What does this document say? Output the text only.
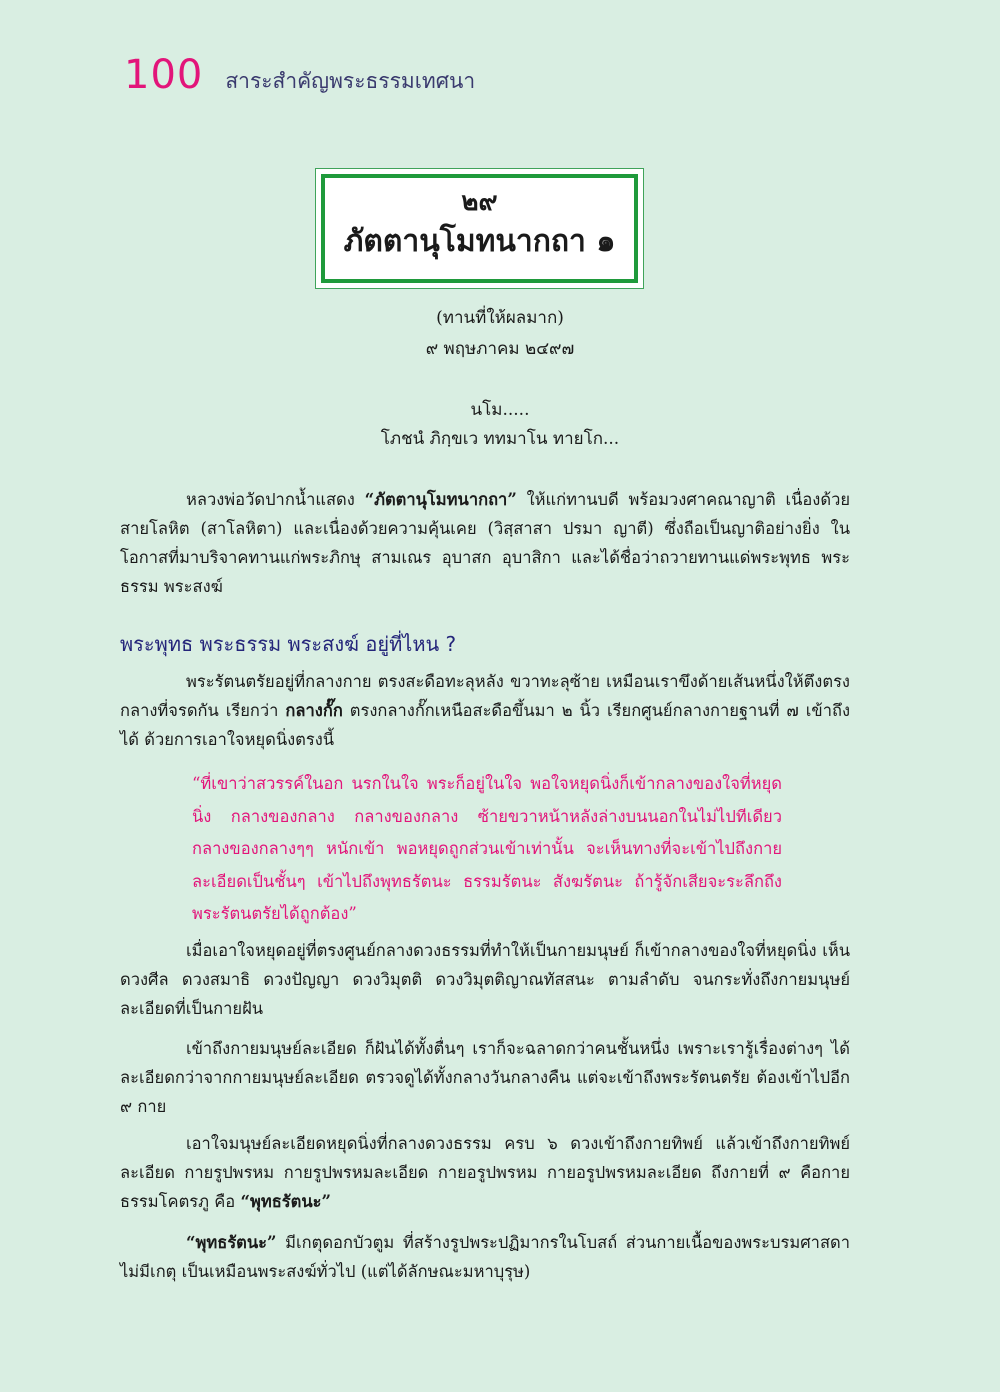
100 สาระสำคัญพระธรรมเทศนา
๒๙
ภัตตานุโมทนากถา ๑
(ทานที่ให้ผลมาก)
๙ พฤษภาคม ๒๔๙๗
นโม.....
โภชนํ ภิกฺขเว ททมาโน ทายโก...
หลวงพ่อวัดปากน้ำแสดง “ภัตตานุโมทนากถา” ให้แก่ทานบดี พร้อมวงศาคณาญาติ เนื่องด้วยสายโลหิต (สาโลหิตา) และเนื่องด้วยความคุ้นเคย (วิสฺสาสา ปรมา ญาตี) ซึ่งถือเป็นญาติอย่างยิ่ง ในโอกาสที่มาบริจาคทานแก่พระภิกษุ สามเณร อุบาสก อุบาสิกา และได้ชื่อว่าถวายทานแด่พระพุทธ พระธรรม พระสงฆ์
พระพุทธ พระธรรม พระสงฆ์ อยู่ที่ไหน ?
พระรัตนตรัยอยู่ที่กลางกาย ตรงสะดือทะลุหลัง ขวาทะลุซ้าย เหมือนเราขึงด้ายเส้นหนึ่งให้ตึงตรงกลางที่จรดกัน เรียกว่า กลางกั๊ก ตรงกลางกั๊กเหนือสะดือขึ้นมา ๒ นิ้ว เรียกศูนย์กลางกายฐานที่ ๗ เข้าถึงได้ ด้วยการเอาใจหยุดนิ่งตรงนี้
“ที่เขาว่าสวรรค์ในอก นรกในใจ พระก็อยู่ในใจ พอใจหยุดนิ่งก็เข้ากลางของใจที่หยุดนิ่ง กลางของกลาง กลางของกลาง ซ้ายขวาหน้าหลังล่างบนนอกในไม่ไปทีเดียว กลางของกลางๆๆ หนักเข้า พอหยุดถูกส่วนเข้าเท่านั้น จะเห็นทางที่จะเข้าไปถึงกายละเอียดเป็นชั้นๆ เข้าไปถึงพุทธรัตนะ ธรรมรัตนะ สังฆรัตนะ ถ้ารู้จักเสียจะระลึกถึงพระรัตนตรัยได้ถูกต้อง”
เมื่อเอาใจหยุดอยู่ที่ตรงศูนย์กลางดวงธรรมที่ทำให้เป็นกายมนุษย์ ก็เข้ากลางของใจที่หยุดนิ่ง เห็นดวงศีล ดวงสมาธิ ดวงปัญญา ดวงวิมุตติ ดวงวิมุตติญาณทัสสนะ ตามลำดับ จนกระทั่งถึงกายมนุษย์ละเอียดที่เป็นกายฝัน
เข้าถึงกายมนุษย์ละเอียด ก็ฝันได้ทั้งตื่นๆ เราก็จะฉลาดกว่าคนชั้นหนึ่ง เพราะเรารู้เรื่องต่างๆ ได้ละเอียดกว่าจากกายมนุษย์ละเอียด ตรวจดูได้ทั้งกลางวันกลางคืน แต่จะเข้าถึงพระรัตนตรัย ต้องเข้าไปอีก ๙ กาย
เอาใจมนุษย์ละเอียดหยุดนิ่งที่กลางดวงธรรม ครบ ๖ ดวงเข้าถึงกายทิพย์ แล้วเข้าถึงกายทิพย์ละเอียด กายรูปพรหม กายรูปพรหมละเอียด กายอรูปพรหม กายอรูปพรหมละเอียด ถึงกายที่ ๙ คือกายธรรมโคตรภู คือ “พุทธรัตนะ”
“พุทธรัตนะ” มีเกตุดอกบัวตูม ที่สร้างรูปพระปฏิมากรในโบสถ์ ส่วนกายเนื้อของพระบรมศาสดาไม่มีเกตุ เป็นเหมือนพระสงฆ์ทั่วไป (แต่ได้ลักษณะมหาบุรุษ)
